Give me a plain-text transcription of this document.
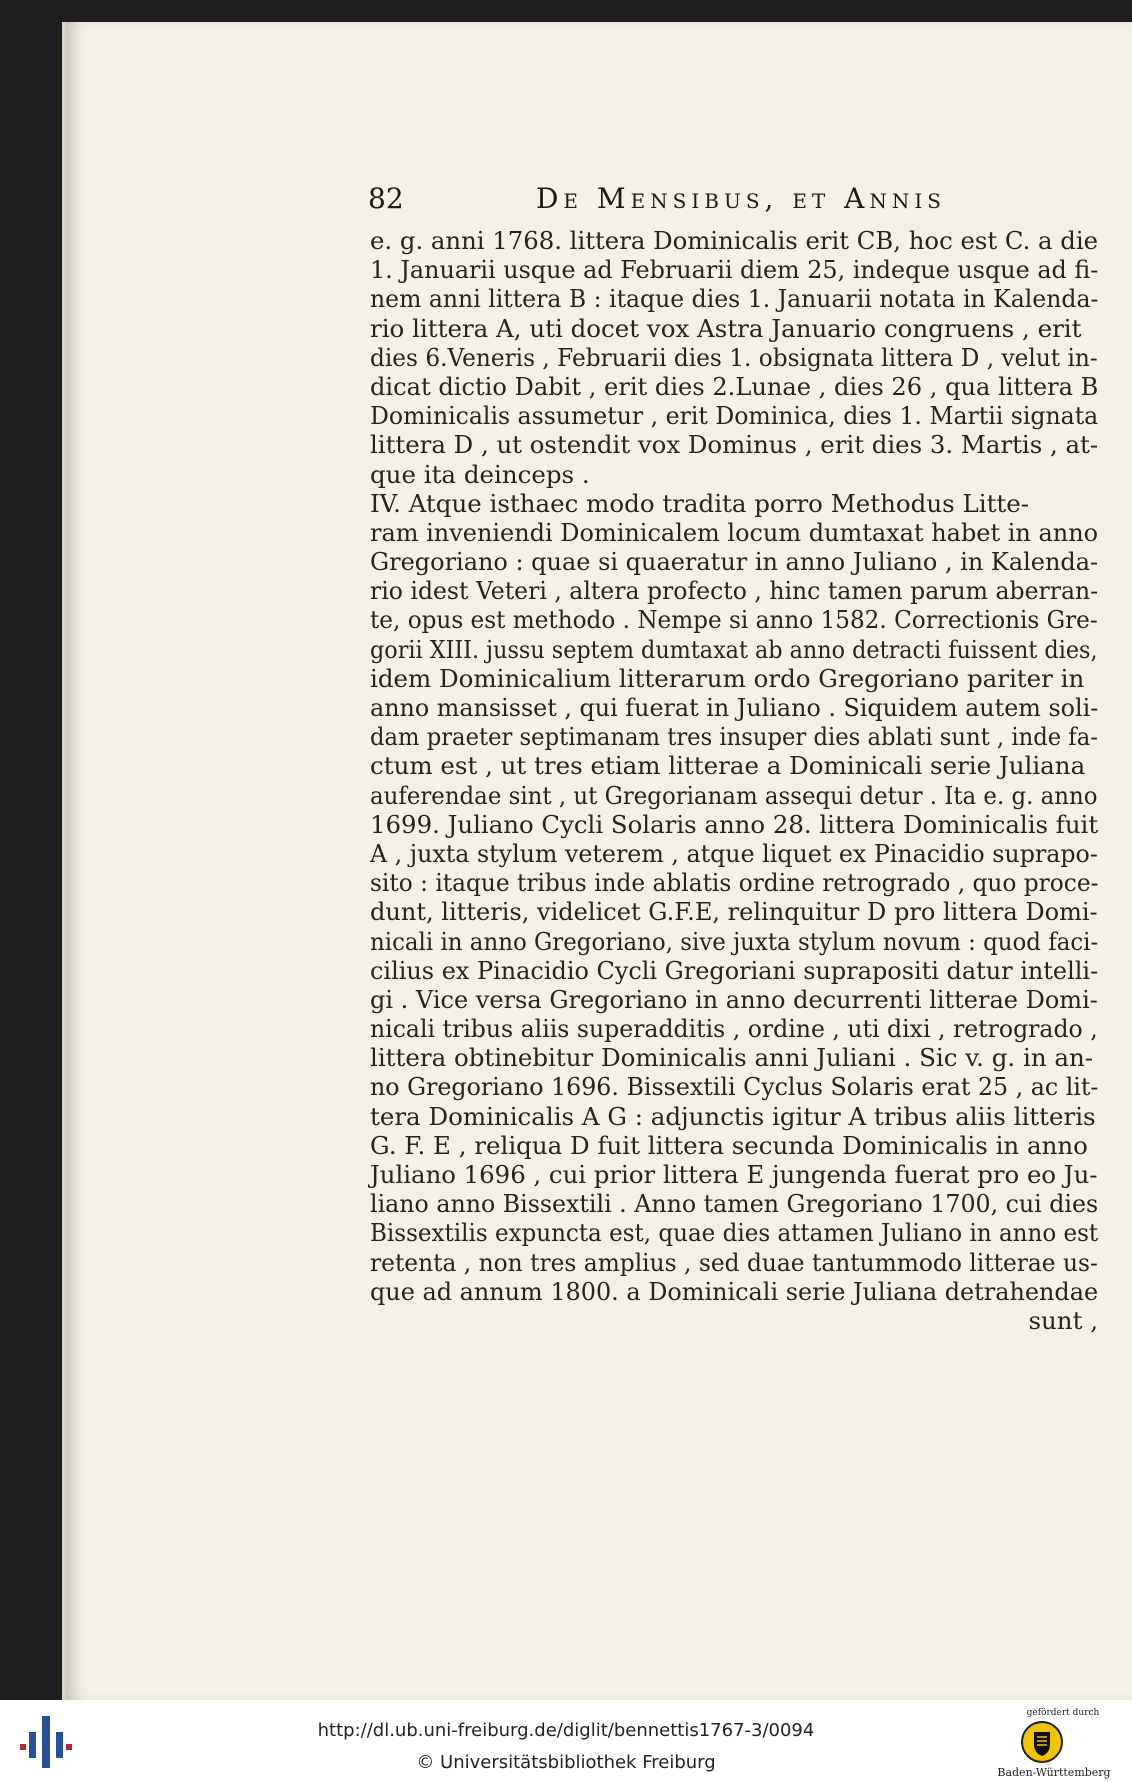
82	De Mensibus, et Annis
e. g. anni 1768. littera Dominicalis erit CB, hoc est C. a die
1. Januarii usque ad Februarii diem 25, indeque usque ad fi-
nem anni littera B : itaque dies 1. Januarii notata in Kalenda-
rio littera A, uti docet vox Astra Januario congruens , erit
dies 6.Veneris , Februarii dies 1. obsignata littera D , velut in-
dicat dictio Dabit , erit dies 2.Lunae , dies 26 , qua littera B
Dominicalis assumetur , erit Dominica, dies 1. Martii signata
littera D , ut ostendit vox Dominus , erit dies 3. Martis , at-
que ita deinceps .
IV. Atque isthaec modo tradita porro Methodus Litte-
ram inveniendi Dominicalem locum dumtaxat habet in anno
Gregoriano : quae si quaeratur in anno Juliano , in Kalenda-
rio idest Veteri , altera profecto , hinc tamen parum aberran-
te, opus est methodo . Nempe si anno 1582. Correctionis Gre-
gorii XIII. jussu septem dumtaxat ab anno detracti fuissent dies,
idem Dominicalium litterarum ordo Gregoriano pariter in
anno mansisset , qui fuerat in Juliano . Siquidem autem soli-
dam praeter septimanam tres insuper dies ablati sunt , inde fa-
ctum est , ut tres etiam litterae a Dominicali serie Juliana
auferendae sint , ut Gregorianam assequi detur . Ita e. g. anno
1699. Juliano Cycli Solaris anno 28. littera Dominicalis fuit
A , juxta stylum veterem , atque liquet ex Pinacidio suprapo-
sito : itaque tribus inde ablatis ordine retrogrado , quo proce-
dunt, litteris, videlicet G.F.E, relinquitur D pro littera Domi-
nicali in anno Gregoriano, sive juxta stylum novum : quod faci-
cilius ex Pinacidio Cycli Gregoriani suprapositi datur intelli-
gi . Vice versa Gregoriano in anno decurrenti litterae Domi-
nicali tribus aliis superadditis , ordine , uti dixi , retrogrado ,
littera obtinebitur Dominicalis anni Juliani . Sic v. g. in an-
no Gregoriano 1696. Bissextili Cyclus Solaris erat 25 , ac lit-
tera Dominicalis A G : adjunctis igitur A tribus aliis litteris
G. F. E , reliqua D fuit littera secunda Dominicalis in anno
Juliano 1696 , cui prior littera E jungenda fuerat pro eo Ju-
liano anno Bissextili . Anno tamen Gregoriano 1700, cui dies
Bissextilis expuncta est, quae dies attamen Juliano in anno est
retenta , non tres amplius , sed duae tantummodo litterae us-
que ad annum 1800. a Dominicali serie Juliana detrahendae
sunt ,
http://dl.ub.uni-freiburg.de/diglit/bennettis1767-3/0094
© Universitätsbibliothek Freiburg
gefördert durch
Baden-Württemberg
